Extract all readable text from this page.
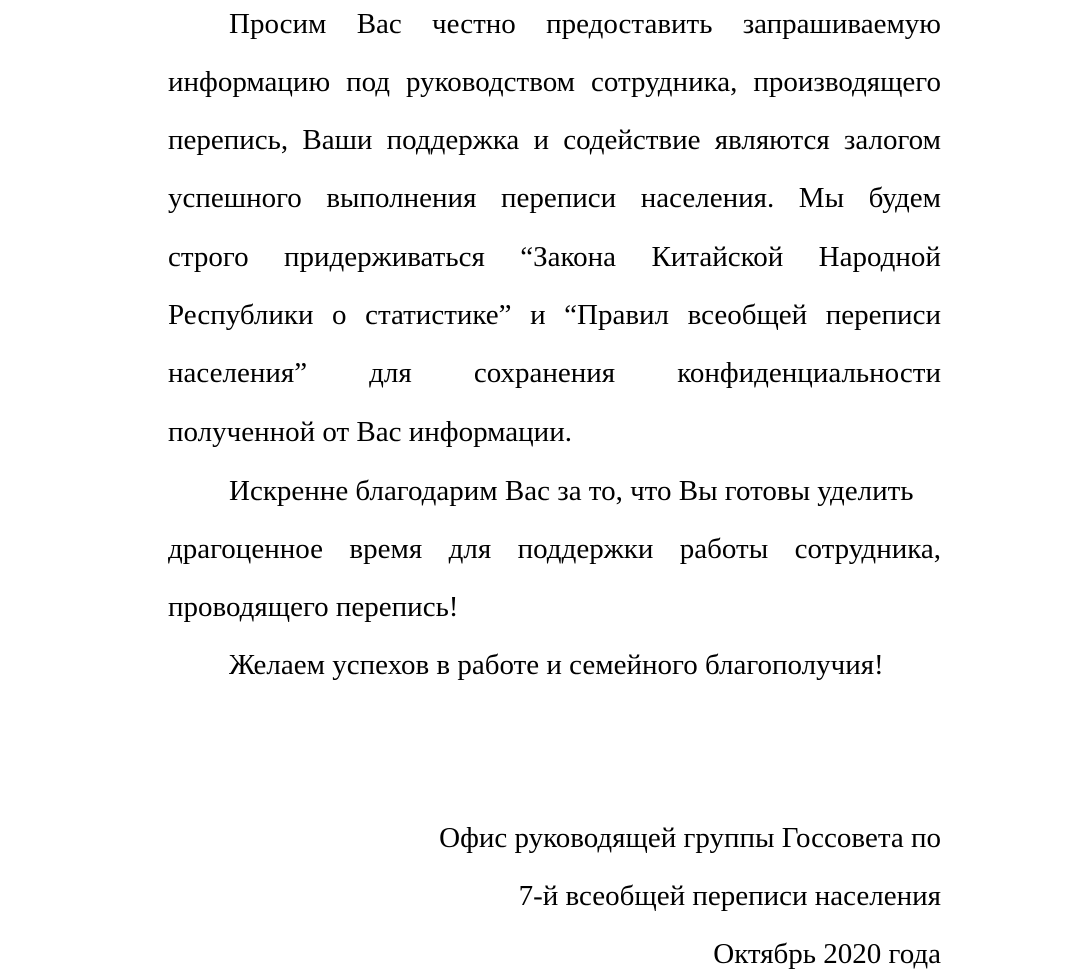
Просим Вас честно предоставить запрашиваемую
информацию под руководством сотрудника, производящего
перепись, Ваши поддержка и содействие являются залогом
успешного выполнения переписи населения. Мы будем
строго придерживаться “Закона Китайской Народной
Республики о статистике” и “Правил всеобщей переписи
населения” для сохранения конфиденциальности
полученной от Вас информации.
Искренне благодарим Вас за то, что Вы готовы уделить
драгоценное время для поддержки работы сотрудника,
проводящего перепись!
Желаем успехов в работе и семейного благополучия!
Офис руководящей группы Госсовета по
7-й всеобщей переписи населения
Октябрь 2020 года
